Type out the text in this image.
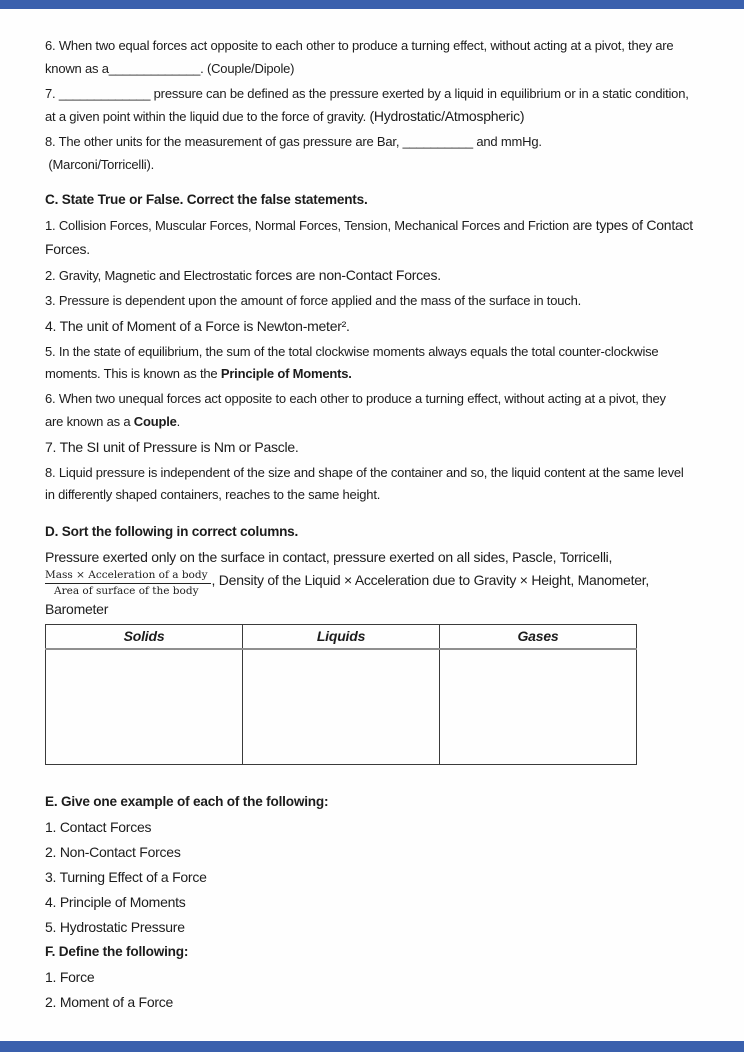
6. When two equal forces act opposite to each other to produce a turning effect, without acting at a pivot, they are
known as a_____________. (Couple/Dipole)

7. _____________ pressure can be defined as the pressure exerted by a liquid in equilibrium or in a static condition,
at a given point within the liquid due to the force of gravity. (Hydrostatic/Atmospheric)

8. The other units for the measurement of gas pressure are Bar, __________ and mmHg.
(Marconi/Torricelli).

C. State True or False. Correct the false statements.

1. Collision Forces, Muscular Forces, Normal Forces, Tension, Mechanical Forces and Friction are types of Contact
Forces.

2. Gravity, Magnetic and Electrostatic forces are non-Contact Forces.

3. Pressure is dependent upon the amount of force applied and the mass of the surface in touch.

4. The unit of Moment of a Force is Newton-meter².

5. In the state of equilibrium, the sum of the total clockwise moments always equals the total counter-clockwise
moments. This is known as the Principle of Moments.

6. When two unequal forces act opposite to each other to produce a turning effect, without acting at a pivot, they
are known as a Couple.

7. The SI unit of Pressure is Nm or Pascle.

8. Liquid pressure is independent of the size and shape of the container and so, the liquid content at the same level
in differently shaped containers, reaches to the same height.

D. Sort the following in correct columns.

Pressure exerted only on the surface in contact, pressure exerted on all sides, Pascle, Torricelli,

$\frac{\text{Mass × Acceleration of a body}}{\text{Area of surface of the body}}$ , Density of the Liquid × Acceleration due to Gravity × Height, Manometer, Barometer

Solids	Liquids	Gases

E. Give one example of each of the following:

1. Contact Forces

2. Non-Contact Forces

3. Turning Effect of a Force

4. Principle of Moments

5. Hydrostatic Pressure

F. Define the following:

1. Force

2. Moment of a Force
